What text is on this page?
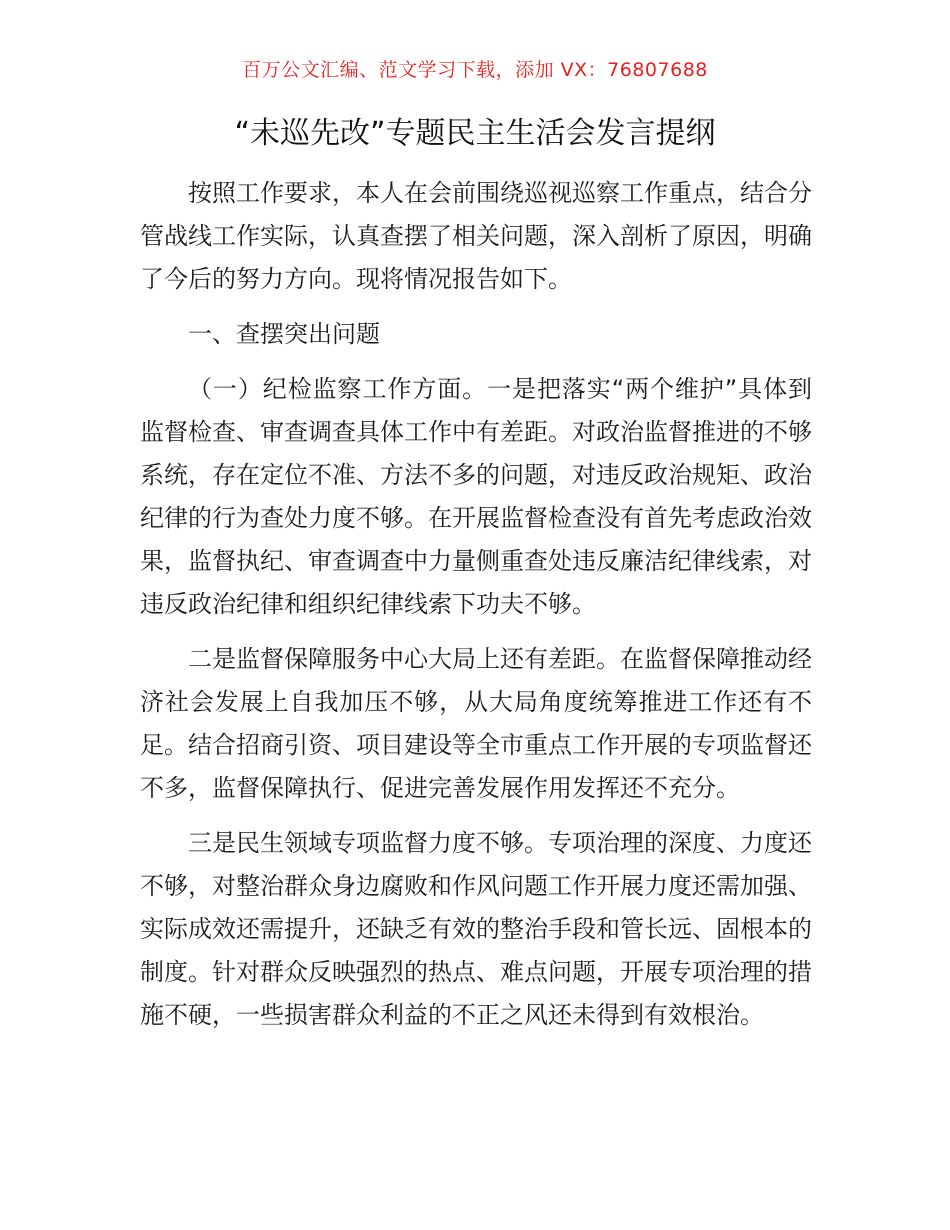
百万公文汇编、范文学习下载，添加 VX：76807688
“未巡先改”专题民主生活会发言提纲

按照工作要求，本人在会前围绕巡视巡察工作重点，结合分管战线工作实际，认真查摆了相关问题，深入剖析了原因，明确了今后的努力方向。现将情况报告如下。

一、查摆突出问题

（一）纪检监察工作方面。一是把落实“两个维护”具体到监督检查、审查调查具体工作中有差距。对政治监督推进的不够系统，存在定位不准、方法不多的问题，对违反政治规矩、政治纪律的行为查处力度不够。在开展监督检查没有首先考虑政治效果，监督执纪、审查调查中力量侧重查处违反廉洁纪律线索，对违反政治纪律和组织纪律线索下功夫不够。

二是监督保障服务中心大局上还有差距。在监督保障推动经济社会发展上自我加压不够，从大局角度统筹推进工作还有不足。结合招商引资、项目建设等全市重点工作开展的专项监督还不多，监督保障执行、促进完善发展作用发挥还不充分。

三是民生领域专项监督力度不够。专项治理的深度、力度还不够，对整治群众身边腐败和作风问题工作开展力度还需加强、实际成效还需提升，还缺乏有效的整治手段和管长远、固根本的制度。针对群众反映强烈的热点、难点问题，开展专项治理的措施不硬，一些损害群众利益的不正之风还未得到有效根治。
